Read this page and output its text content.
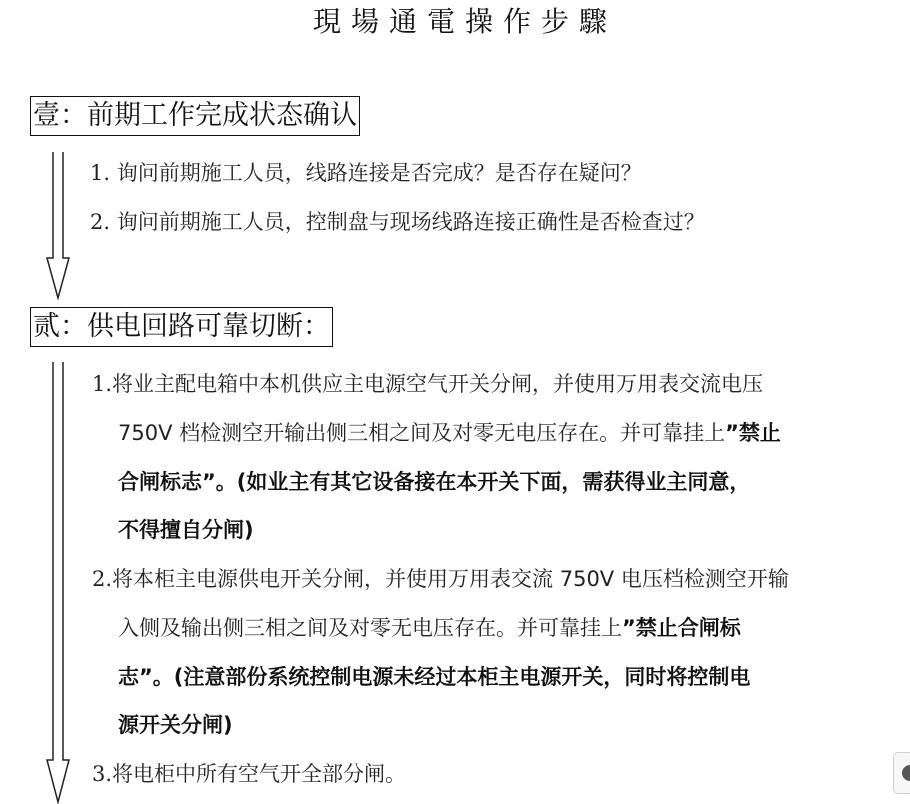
現場通電操作步驟
壹：前期工作完成状态确认
1. 询问前期施工人员，线路连接是否完成？是否存在疑问？
2. 询问前期施工人员，控制盘与现场线路连接正确性是否检查过？
贰：供电回路可靠切断：
1.将业主配电箱中本机供应主电源空气开关分闸，并使用万用表交流电压
750V 档检测空开输出侧三相之间及对零无电压存在。并可靠挂上”禁止
合闸标志”。(如业主有其它设备接在本开关下面，需获得业主同意，
不得擅自分闸)
2.将本柜主电源供电开关分闸，并使用万用表交流 750V 电压档检测空开输
入侧及输出侧三相之间及对零无电压存在。并可靠挂上”禁止合闸标
志”。(注意部份系统控制电源未经过本柜主电源开关，同时将控制电
源开关分闸)
3.将电柜中所有空气开全部分闸。
